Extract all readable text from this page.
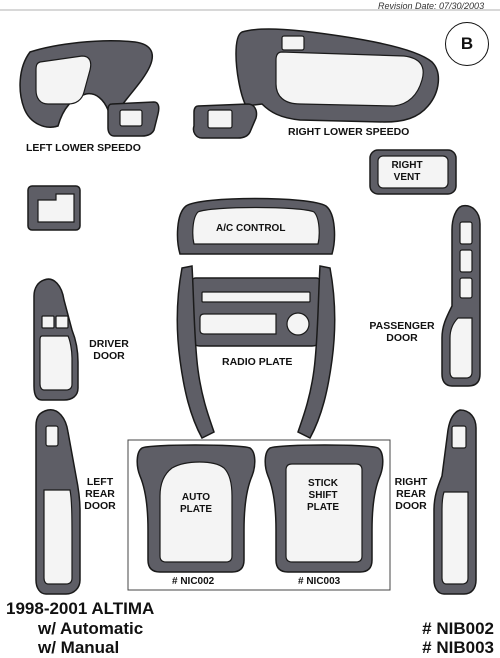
Revision Date: 07/30/2003
B
LEFT LOWER SPEEDO
RIGHT LOWER SPEEDO
RIGHT
VENT
A/C CONTROL
RADIO PLATE
DRIVER
DOOR
PASSENGER
DOOR
LEFT
REAR
DOOR
RIGHT
REAR
DOOR
AUTO
PLATE
STICK
SHIFT
PLATE
# NIC002	# NIC003
1998-2001 ALTIMA
w/ Automatic
w/ Manual
# NIB002
# NIB003
